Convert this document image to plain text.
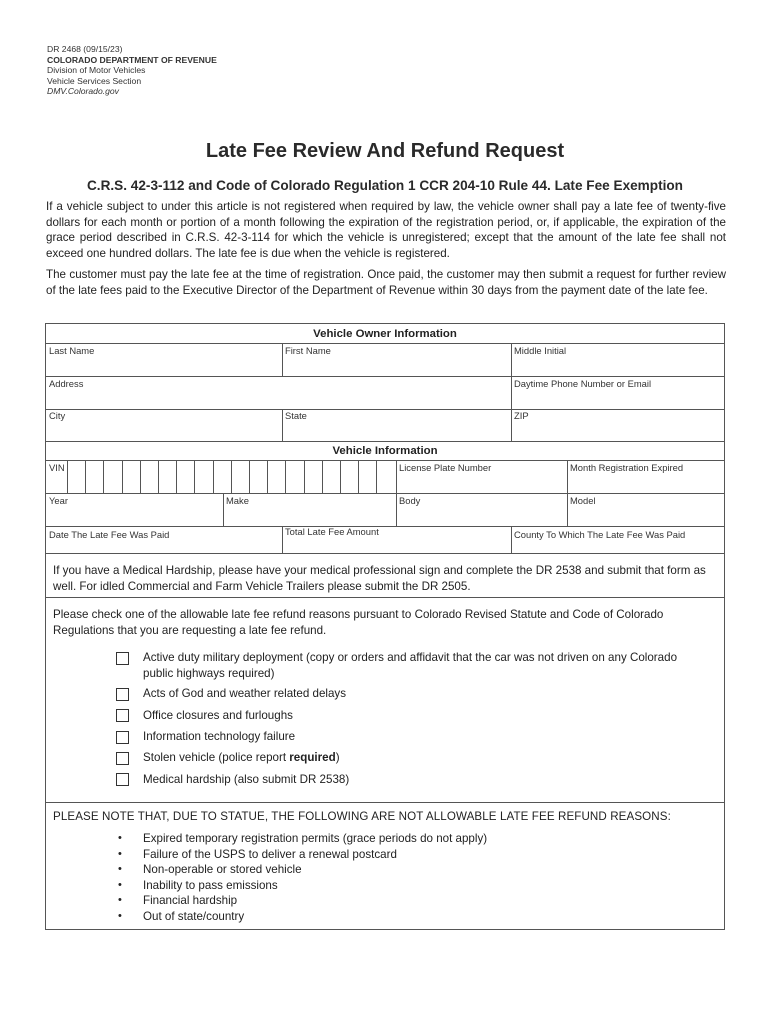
DR 2468 (09/15/23)
COLORADO DEPARTMENT OF REVENUE
Division of Motor Vehicles
Vehicle Services Section
DMV.Colorado.gov
Late Fee Review And Refund Request
C.R.S. 42-3-112 and Code of Colorado Regulation 1 CCR 204-10 Rule 44. Late Fee Exemption
If a vehicle subject to under this article is not registered when required by law, the vehicle owner shall pay a late fee of twenty-five dollars for each month or portion of a month following the expiration of the registration period, or, if applicable, the expiration of the grace period described in C.R.S. 42-3-114 for which the vehicle is unregistered; except that the amount of the late fee shall not exceed one hundred dollars. The late fee is due when the vehicle is registered.
The customer must pay the late fee at the time of registration. Once paid, the customer may then submit a request for further review of the late fees paid to the Executive Director of the Department of Revenue within 30 days from the payment date of the late fee.
Vehicle Owner Information
Last Name	First Name	Middle Initial
Address	Daytime Phone Number or Email
City	State	ZIP
Vehicle Information
VIN	License Plate Number	Month Registration Expired
Year	Make	Body	Model
Date The Late Fee Was Paid	Total Late Fee Amount	County To Which The Late Fee Was Paid
If you have a Medical Hardship, please have your medical professional sign and complete the DR 2538 and submit that form as well. For idled Commercial and Farm Vehicle Trailers please submit the DR 2505.
Please check one of the allowable late fee refund reasons pursuant to Colorado Revised Statute and Code of Colorado Regulations that you are requesting a late fee refund.
Active duty military deployment (copy or orders and affidavit that the car was not driven on any Colorado public highways required)
Acts of God and weather related delays
Office closures and furloughs
Information technology failure
Stolen vehicle (police report required)
Medical hardship (also submit DR 2538)
PLEASE NOTE THAT, DUE TO STATUE, THE FOLLOWING ARE NOT ALLOWABLE LATE FEE REFUND REASONS:
• Expired temporary registration permits (grace periods do not apply)
• Failure of the USPS to deliver a renewal postcard
• Non-operable or stored vehicle
• Inability to pass emissions
• Financial hardship
• Out of state/country
